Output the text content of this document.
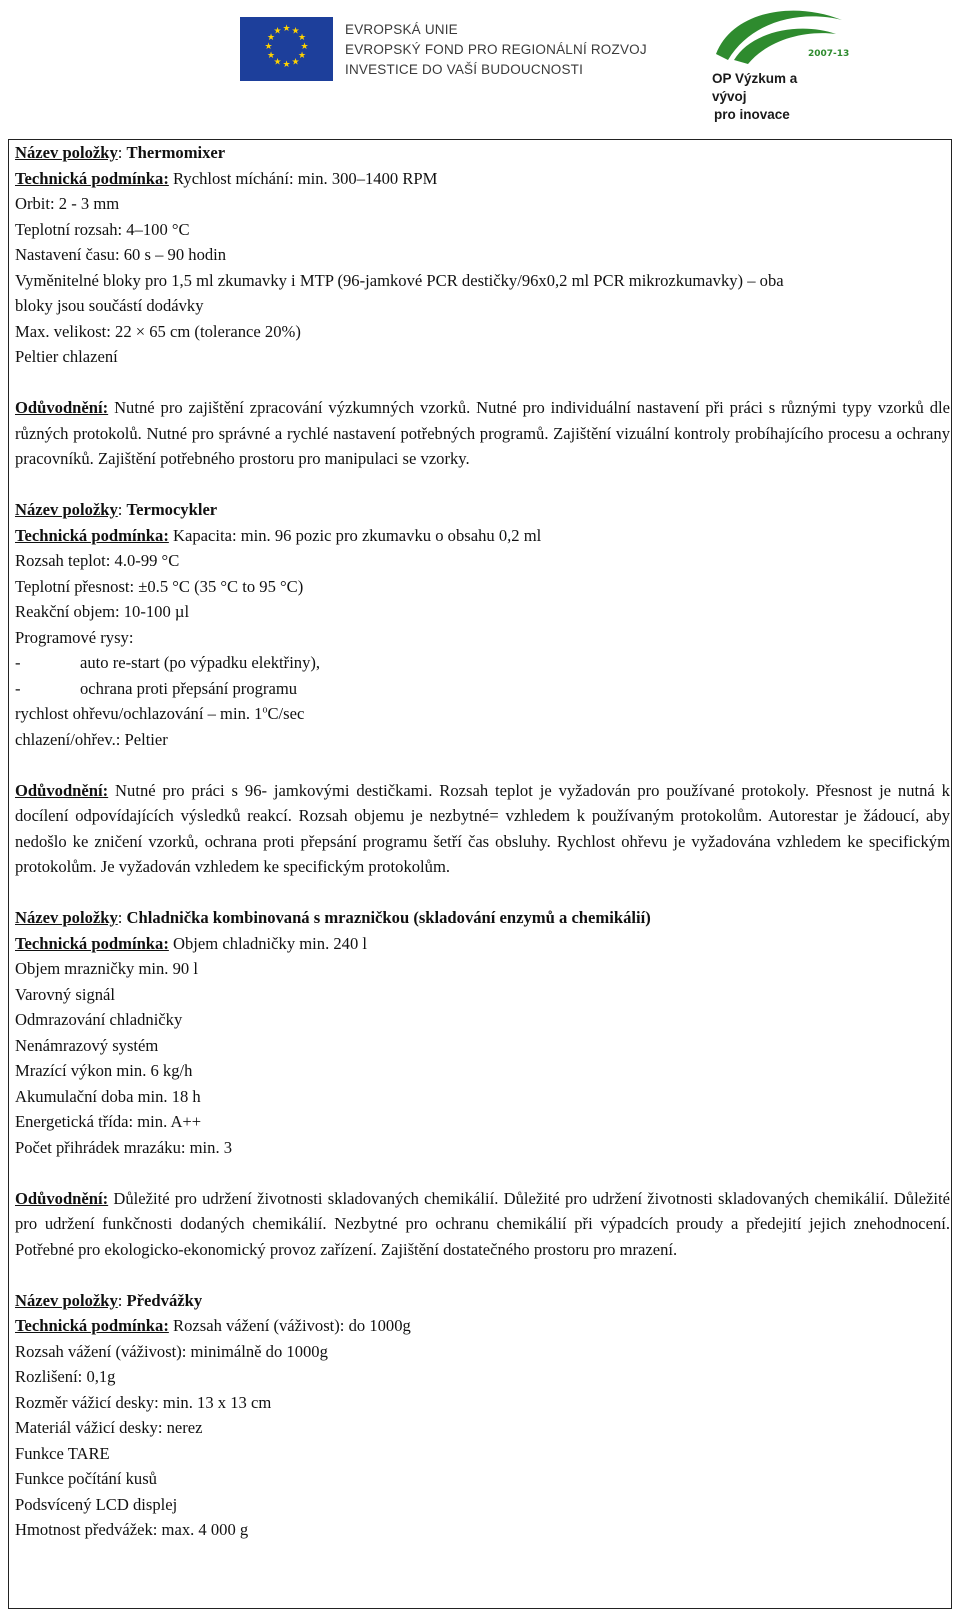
★ ★
★
★
★
★
★
★
★
★
★
★	EVROPSKÁ UNIE
EVROPSKÝ FOND PRO REGIONÁLNÍ ROZVOJ
INVESTICE DO VAŠÍ BUDOUCNOSTI
2007-13
OP Výzkum a vývoj
pro inovace
Název položky: Thermomixer
Technická podmínka: Rychlost míchání: min. 300–1400 RPM
Orbit: 2 - 3 mm
Teplotní rozsah: 4–100 °C
Nastavení času: 60 s – 90 hodin
Vyměnitelné bloky pro 1,5 ml zkumavky i MTP (96-jamkové PCR destičky/96x0,2 ml PCR mikrozkumavky) – oba
bloky jsou součástí dodávky
Max. velikost: 22 × 65 cm (tolerance 20%)
Peltier chlazení
Odůvodnění: Nutné pro zajištění zpracování výzkumných vzorků. Nutné pro individuální nastavení při práci s různými typy vzorků dle různých protokolů. Nutné pro správné a rychlé nastavení potřebných programů. Zajištění vizuální kontroly probíhajícího procesu a ochrany pracovníků. Zajištění potřebného prostoru pro manipulaci se vzorky.
Název položky: Termocykler
Technická podmínka: Kapacita: min. 96 pozic pro zkumavku o obsahu 0,2 ml
Rozsah teplot: 4.0-99 °C
Teplotní přesnost: ±0.5 °C (35 °C to 95 °C)
Reakční objem: 10-100 µl
Programové rysy:
-	auto re-start (po výpadku elektřiny),
-	ochrana proti přepsání programu
rychlost ohřevu/ochlazování – min. 1$^o$C/sec
chlazení/ohřev.: Peltier
Odůvodnění: Nutné pro práci s 96- jamkovými destičkami. Rozsah teplot je vyžadován pro používané protokoly. Přesnost je nutná k docílení odpovídajících výsledků reakcí. Rozsah objemu je nezbytné= vzhledem k používaným protokolům. Autorestar je žádoucí, aby nedošlo ke zničení vzorků, ochrana proti přepsání programu šetří čas obsluhy. Rychlost ohřevu je vyžadována vzhledem ke specifickým protokolům. Je vyžadován vzhledem ke specifickým protokolům.
Název položky: Chladnička kombinovaná s mrazničkou (skladování enzymů a chemikálií)
Technická podmínka: Objem chladničky min. 240 l
Objem mrazničky min. 90 l
Varovný signál
Odmrazování chladničky
Nenámrazový systém
Mrazící výkon min. 6 kg/h
Akumulační doba min. 18 h
Energetická třída: min. A++
Počet přihrádek mrazáku: min. 3
Odůvodnění: Důležité pro udržení životnosti skladovaných chemikálií. Důležité pro udržení životnosti skladovaných chemikálií. Důležité pro udržení funkčnosti dodaných chemikálií. Nezbytné pro ochranu chemikálií při výpadcích proudy a předejití jejich znehodnocení. Potřebné pro ekologicko-ekonomický provoz zařízení. Zajištění dostatečného prostoru pro mrazení.
Název položky: Předvážky
Technická podmínka: Rozsah vážení (váživost): do 1000g
Rozsah vážení (váživost): minimálně do 1000g
Rozlišení: 0,1g
Rozměr vážicí desky: min. 13 x 13 cm
Materiál vážicí desky: nerez
Funkce TARE
Funkce počítání kusů
Podsvícený LCD displej
Hmotnost předvážek: max. 4 000 g
